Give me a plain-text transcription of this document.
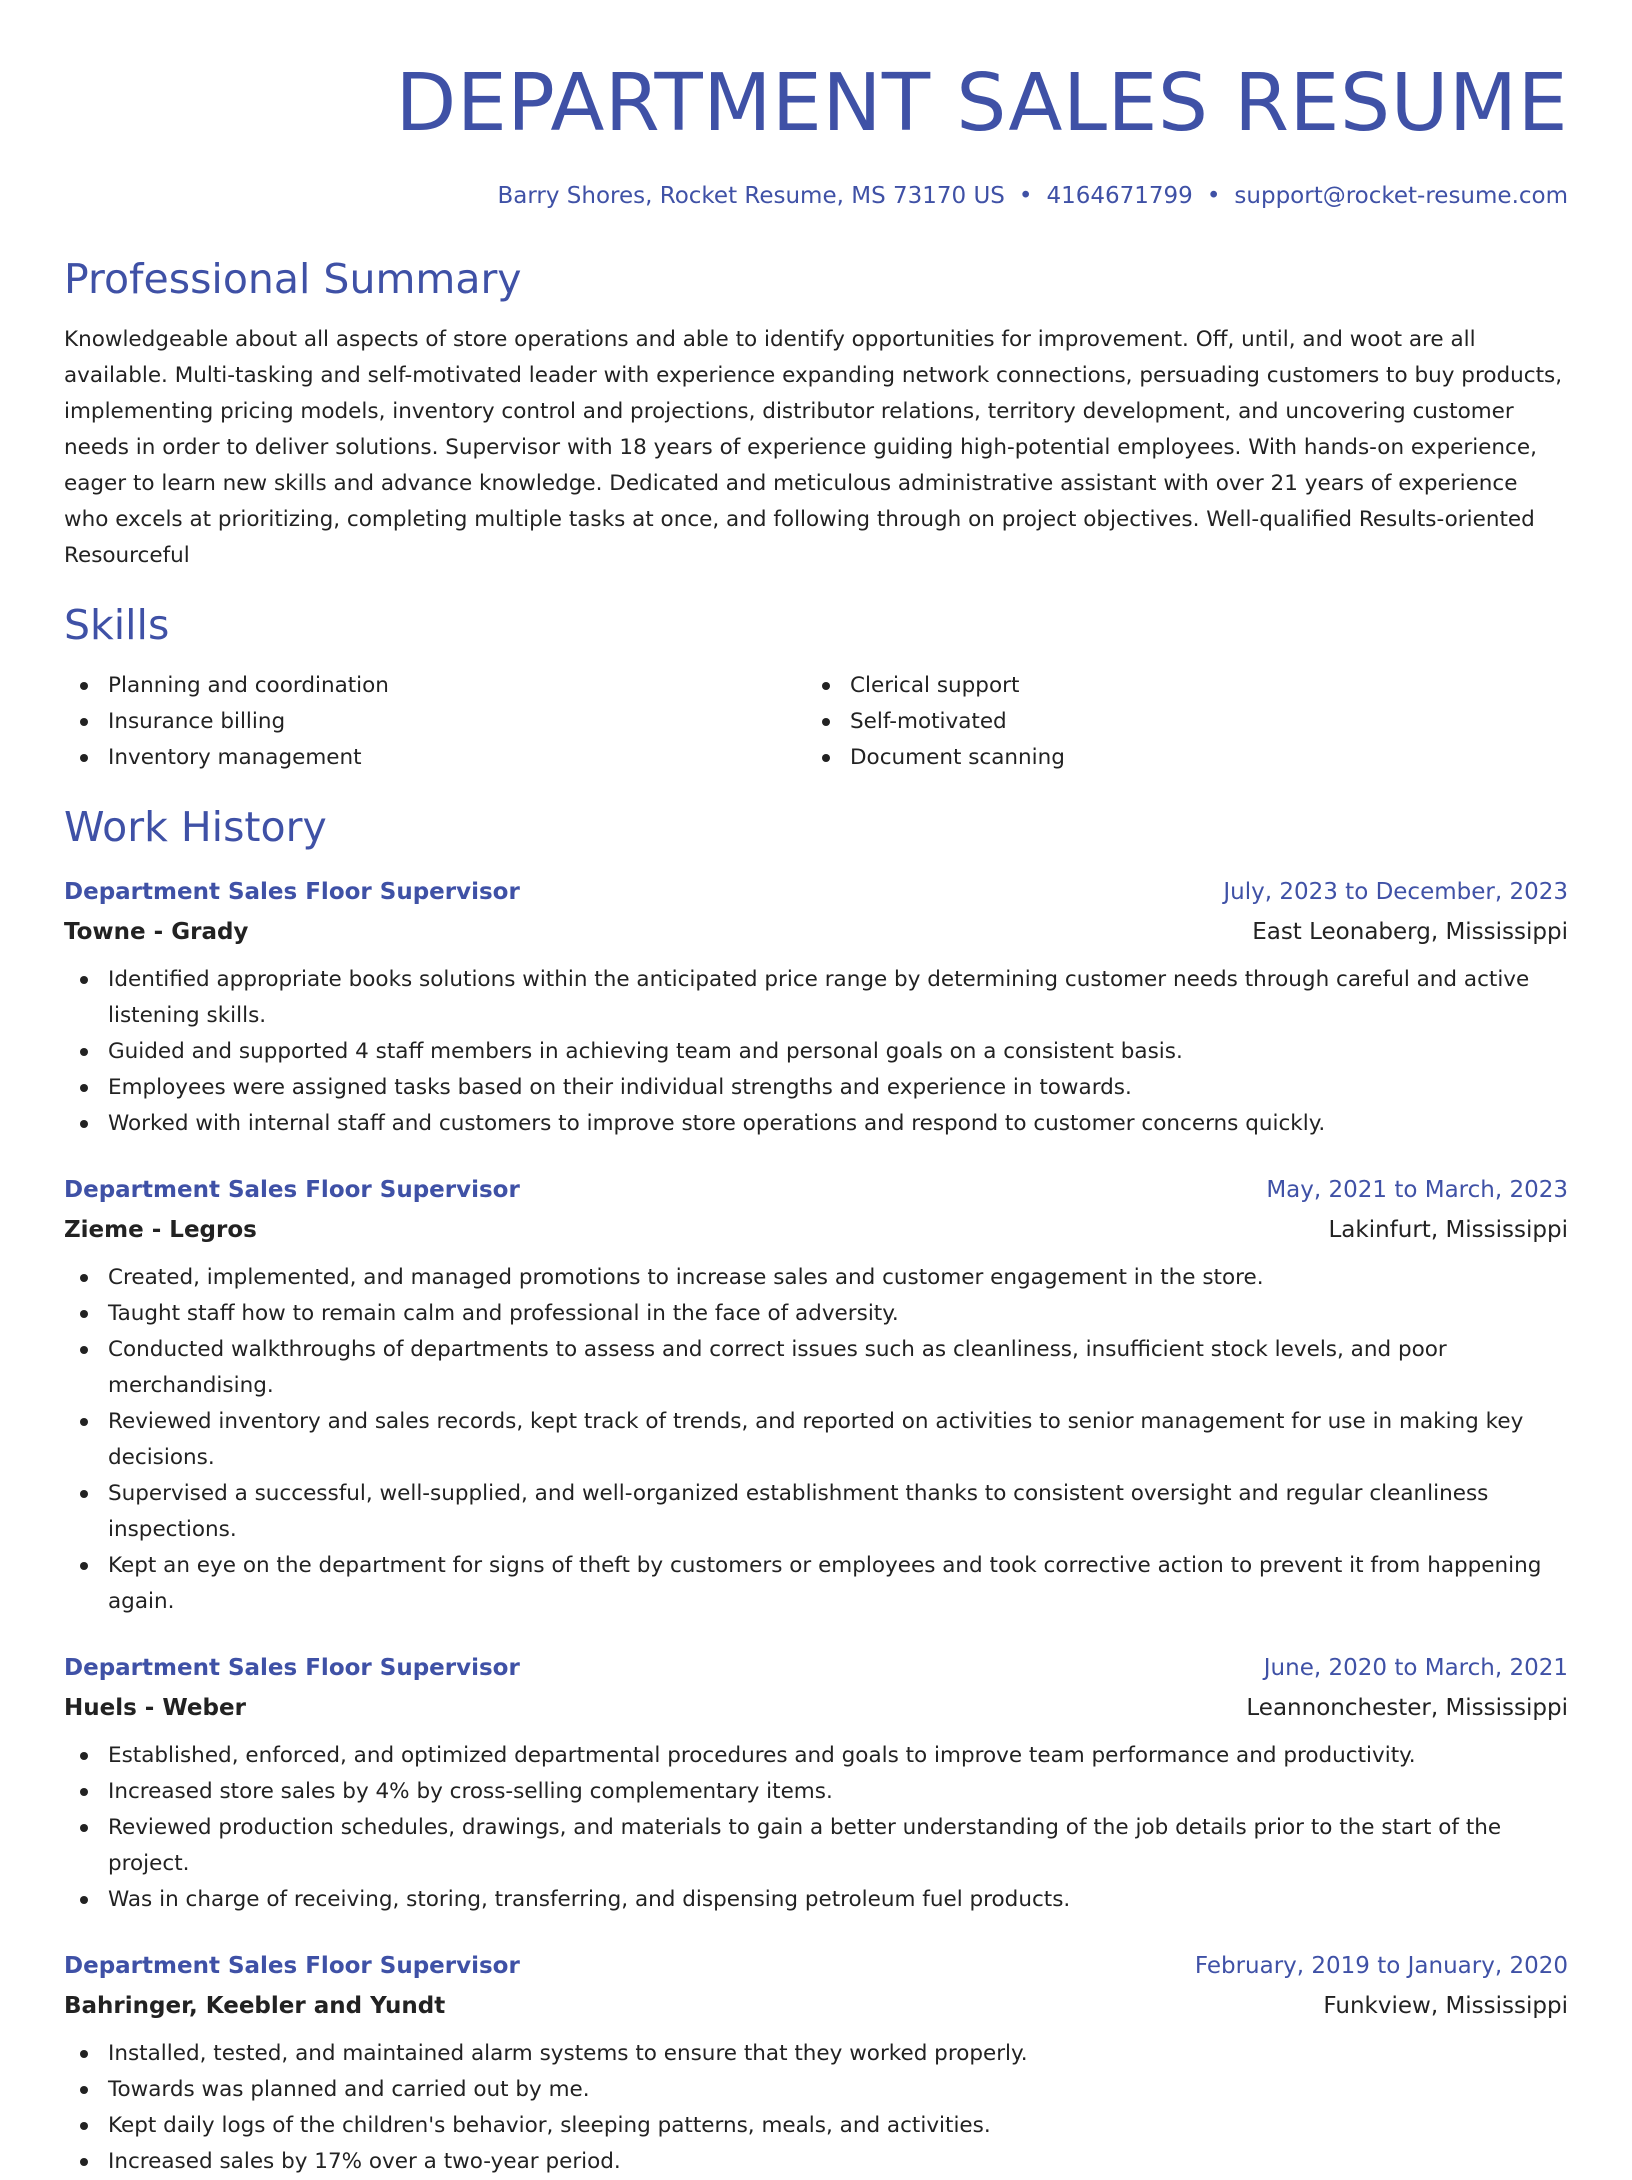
DEPARTMENT SALES RESUME
Barry Shores, Rocket Resume, MS 73170 US • 4164671799 • support@rocket-resume.com
Professional Summary

Knowledgeable about all aspects of store operations and able to identify opportunities for improvement. Off, until, and woot are all available. Multi-tasking and self-motivated leader with experience expanding network connections, persuading customers to buy products, implementing pricing models, inventory control and projections, distributor relations, territory development, and uncovering customer needs in order to deliver solutions. Supervisor with 18 years of experience guiding high-potential employees. With hands-on experience, eager to learn new skills and advance knowledge. Dedicated and meticulous administrative assistant with over 21 years of experience who excels at prioritizing, completing multiple tasks at once, and following through on project objectives. Well-qualified Results-oriented Resourceful

Skills
Planning and coordination
Insurance billing
Inventory management
Clerical support
Self-motivated
Document scanning
Work History
Department Sales Floor Supervisor	July, 2023 to December, 2023
Towne - Grady	East Leonaberg, Mississippi
Identified appropriate books solutions within the anticipated price range by determining customer needs through careful and active listening skills.
Guided and supported 4 staff members in achieving team and personal goals on a consistent basis.
Employees were assigned tasks based on their individual strengths and experience in towards.
Worked with internal staff and customers to improve store operations and respond to customer concerns quickly.
Department Sales Floor Supervisor	May, 2021 to March, 2023
Zieme - Legros	Lakinfurt, Mississippi
Created, implemented, and managed promotions to increase sales and customer engagement in the store.
Taught staff how to remain calm and professional in the face of adversity.
Conducted walkthroughs of departments to assess and correct issues such as cleanliness, insufficient stock levels, and poor merchandising.
Reviewed inventory and sales records, kept track of trends, and reported on activities to senior management for use in making key decisions.
Supervised a successful, well-supplied, and well-organized establishment thanks to consistent oversight and regular cleanliness inspections.
Kept an eye on the department for signs of theft by customers or employees and took corrective action to prevent it from happening again.
Department Sales Floor Supervisor	June, 2020 to March, 2021
Huels - Weber	Leannonchester, Mississippi
Established, enforced, and optimized departmental procedures and goals to improve team performance and productivity.
Increased store sales by 4% by cross-selling complementary items.
Reviewed production schedules, drawings, and materials to gain a better understanding of the job details prior to the start of the project.
Was in charge of receiving, storing, transferring, and dispensing petroleum fuel products.
Department Sales Floor Supervisor	February, 2019 to January, 2020
Bahringer, Keebler and Yundt	Funkview, Mississippi
Installed, tested, and maintained alarm systems to ensure that they worked properly.
Towards was planned and carried out by me.
Kept daily logs of the children's behavior, sleeping patterns, meals, and activities.
Increased sales by 17% over a two-year period.
